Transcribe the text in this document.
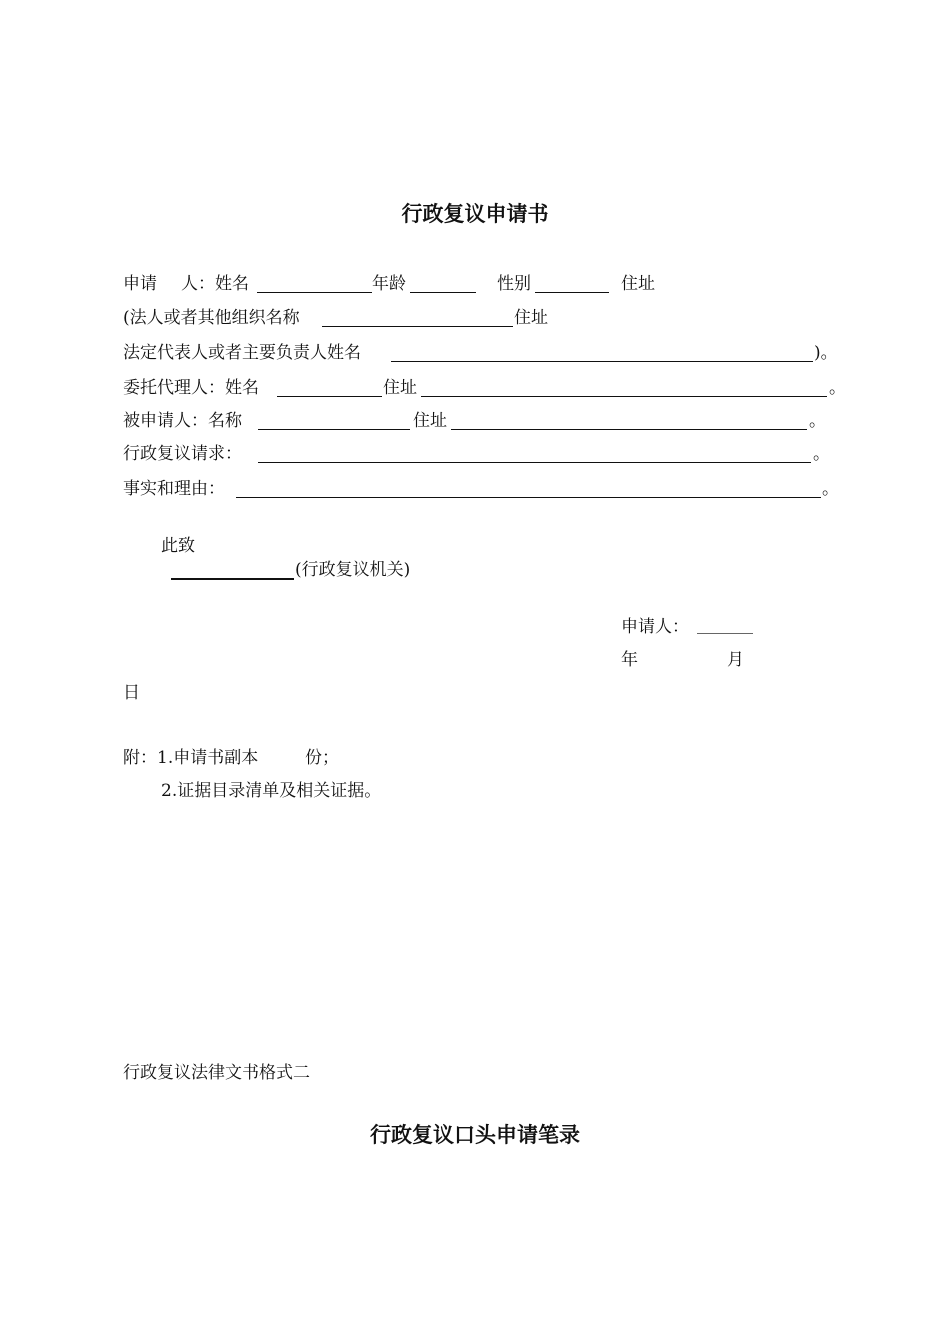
行政复议申请书
申请 人：姓名	年龄	性别	住址
(法人或者其他组织名称	住址
法定代表人或者主要负责人姓名	)。
委托代理人：姓名	住址	。
被申请人：名称	住址	。
行政复议请求：	。
事实和理由：	。
此致
(行政复议机关)
申请人：
年	月
日
附：1.申请书副本	份；
2.证据目录清单及相关证据。
行政复议法律文书格式二
行政复议口头申请笔录
